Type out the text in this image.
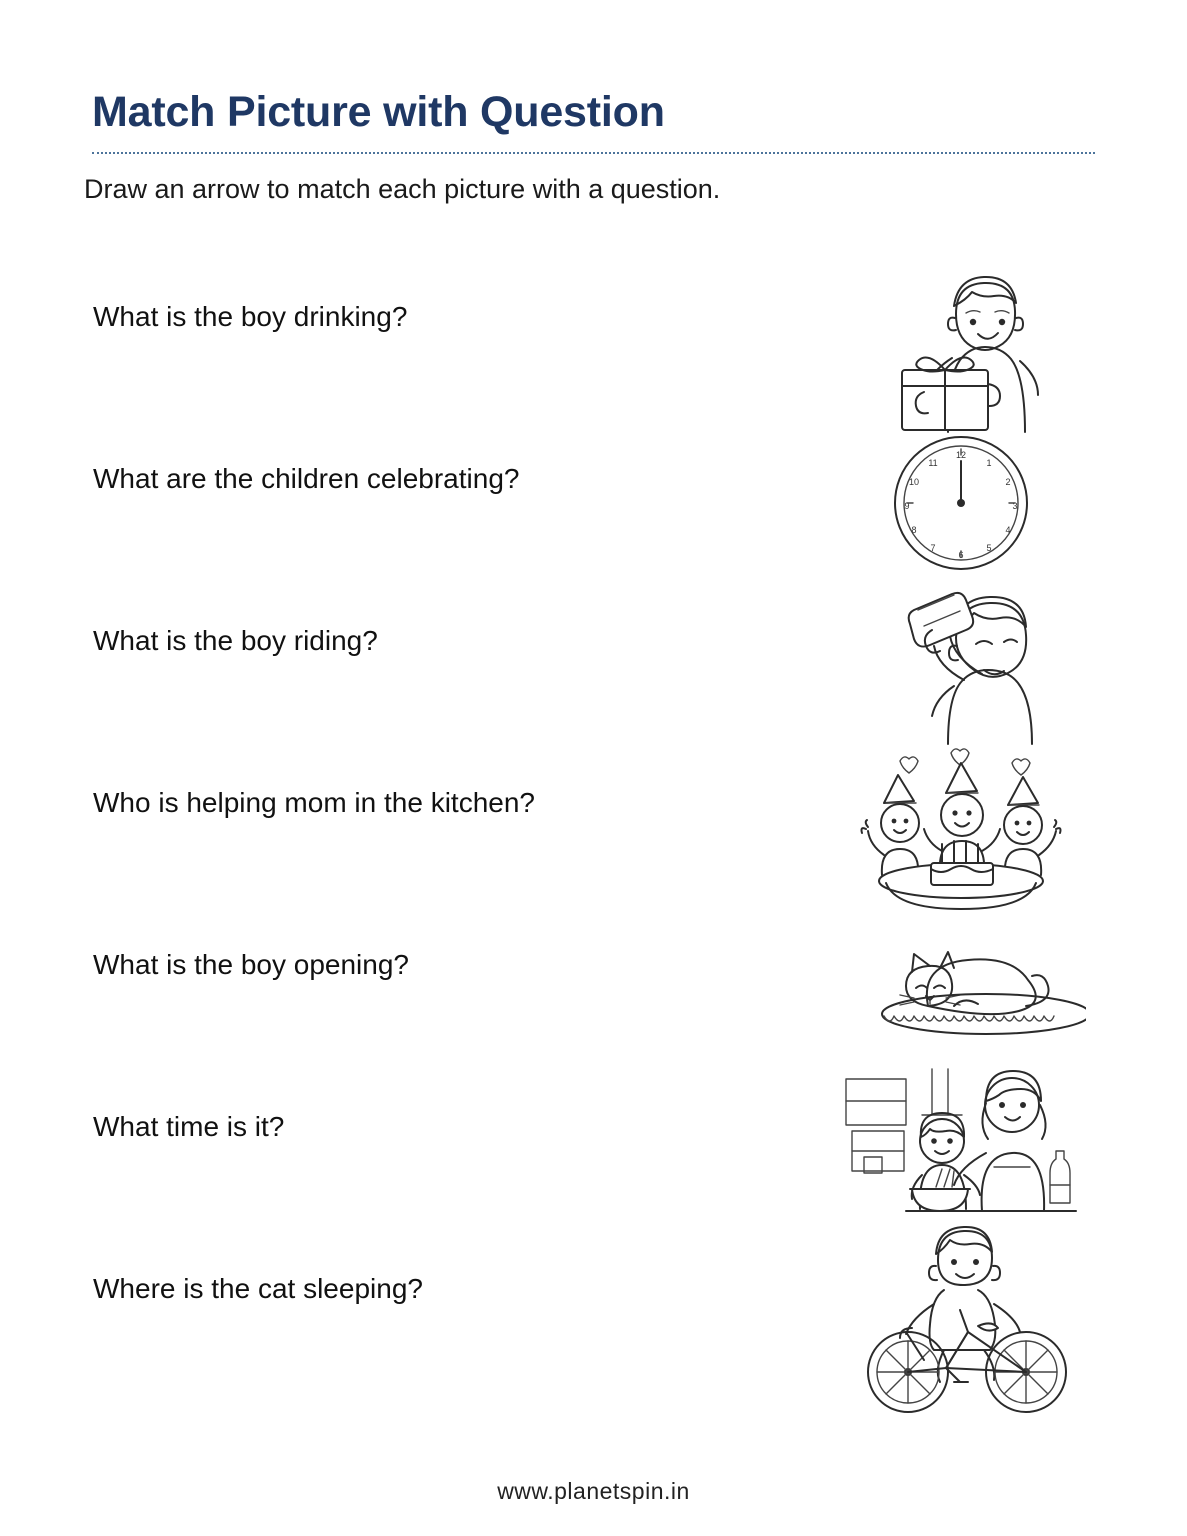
Match Picture with Question
Draw an arrow to match each picture with a question.
What is the boy drinking?
What are the children celebrating?
What is the boy riding?
Who is helping mom in the kitchen?
What is the boy opening?
What time is it?
Where is the cat sleeping?
12
1
2
3
4
5
6
7
8
9
10
11
www.planetspin.in
